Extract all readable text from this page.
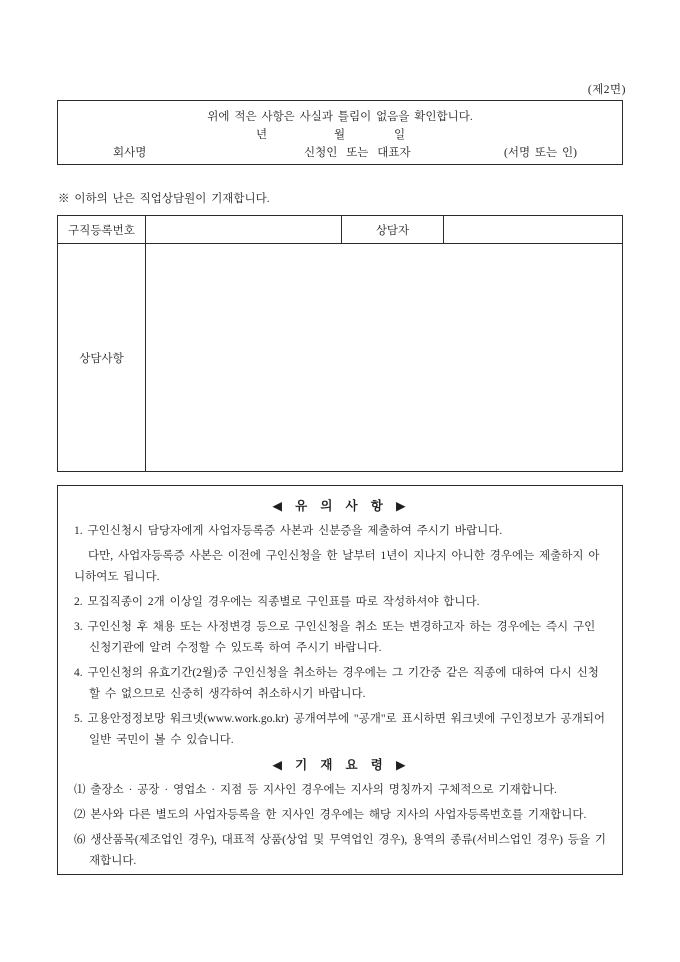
(제2면)
위에 적은 사항은 사실과 틀림이 없음을 확인합니다.
년	월	일
회사명	신청인 또는 대표자	(서명 또는 인)
※ 이하의 난은 직업상담원이 기재합니다.
구직등록번호	상담자
상담사항
◀ 유 의 사 항 ▶

1. 구인신청시 담당자에게 사업자등록증 사본과 신분증을 제출하여 주시기 바랍니다.

다만, 사업자등록증 사본은 이전에 구인신청을 한 날부터 1년이 지나지 아니한 경우에는 제출하지 아니하여도 됩니다.

2. 모집직종이 2개 이상일 경우에는 직종별로 구인표를 따로 작성하셔야 합니다.

3. 구인신청 후 채용 또는 사정변경 등으로 구인신청을 취소 또는 변경하고자 하는 경우에는 즉시 구인신청기관에 알려 수정할 수 있도록 하여 주시기 바랍니다.

4. 구인신청의 유효기간(2월)중 구인신청을 취소하는 경우에는 그 기간중 같은 직종에 대하여 다시 신청할 수 없으므로 신중히 생각하여 취소하시기 바랍니다.

5. 고용안정정보망 워크넷(www.work.go.kr) 공개여부에 "공개"로 표시하면 워크넷에 구인정보가 공개되어 일반 국민이 볼 수 있습니다.

◀ 기 재 요 령 ▶

⑴ 출장소 · 공장 · 영업소 · 지점 등 지사인 경우에는 지사의 명칭까지 구체적으로 기재합니다.

⑵ 본사와 다른 별도의 사업자등록을 한 지사인 경우에는 해당 지사의 사업자등록번호를 기재합니다.

⑹ 생산품목(제조업인 경우), 대표적 상품(상업 및 무역업인 경우), 용역의 종류(서비스업인 경우) 등을 기재합니다.
